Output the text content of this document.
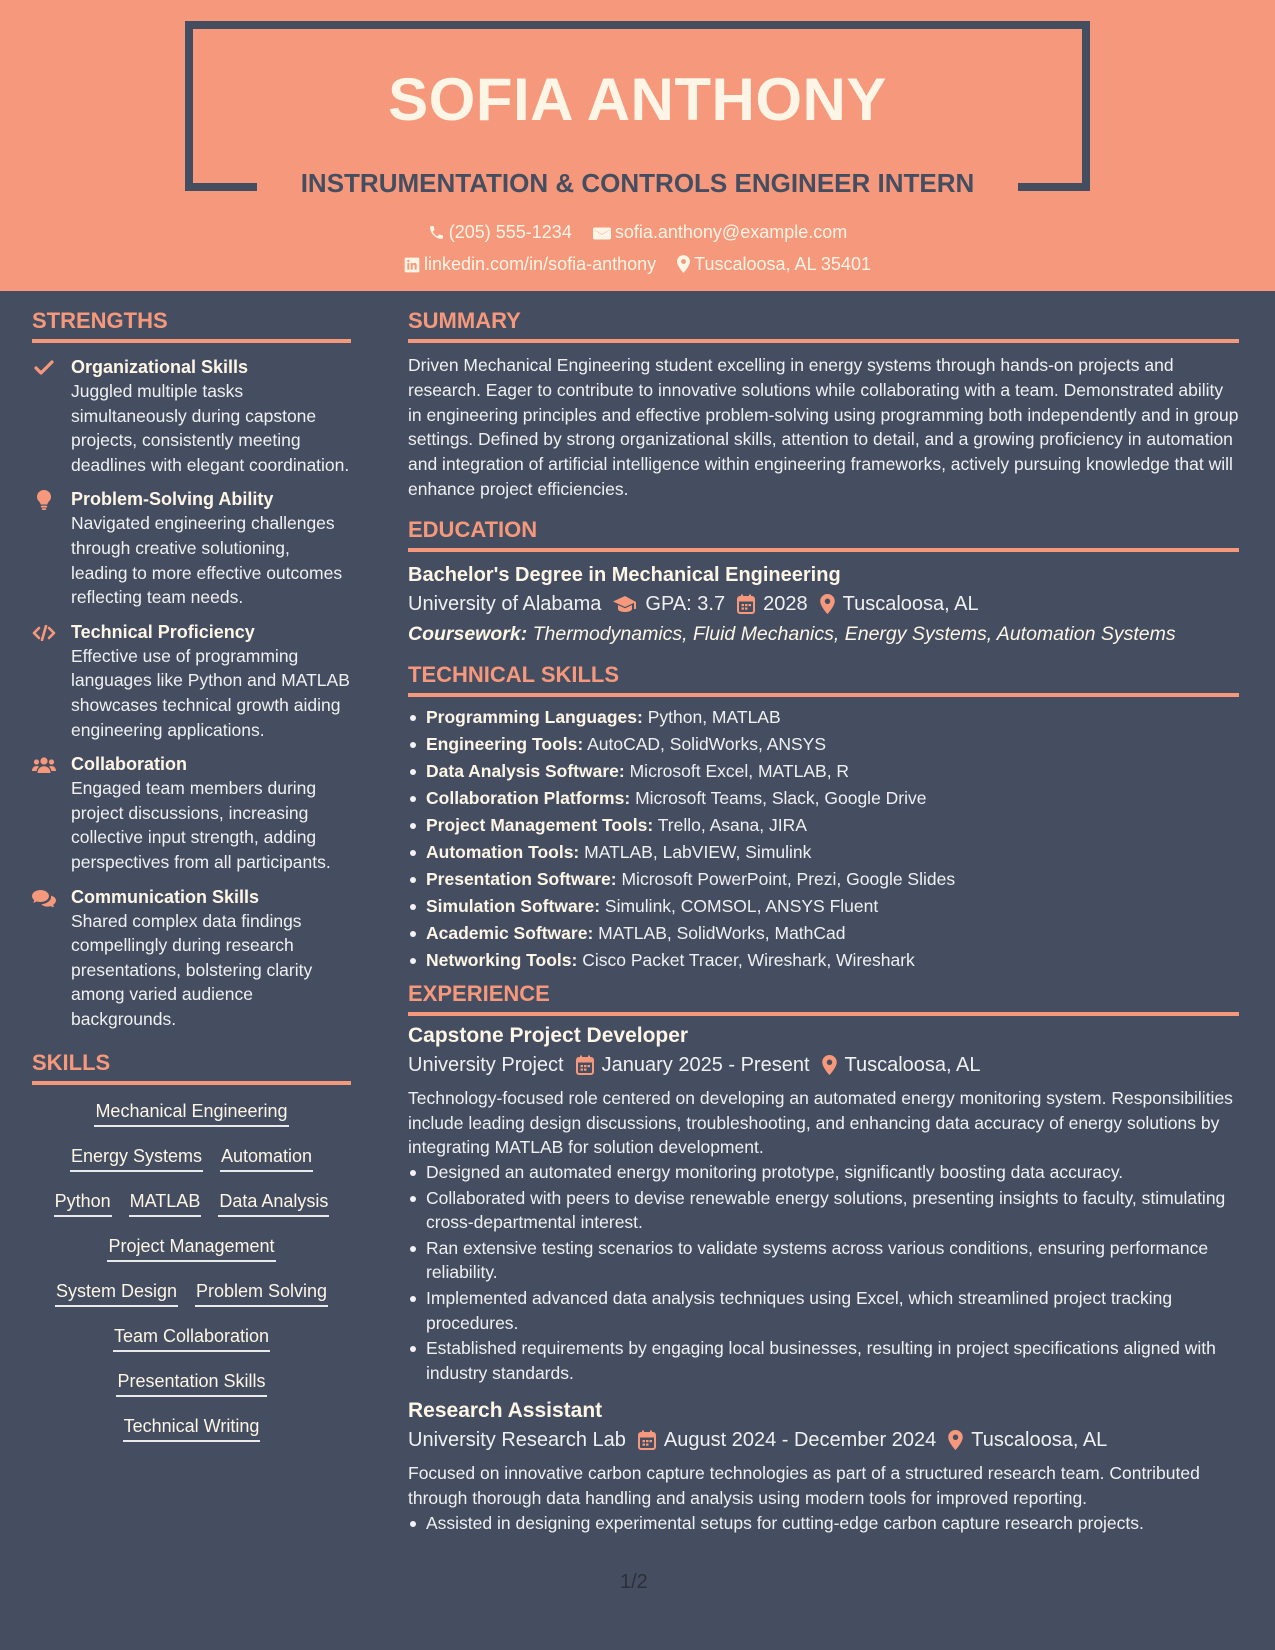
SOFIA ANTHONY
INSTRUMENTATION & CONTROLS ENGINEER INTERN
(205) 555-1234 sofia.anthony@example.com
linkedin.com/in/sofia-anthony Tuscaloosa, AL 35401
STRENGTHS
Organizational Skills
Juggled multiple tasks simultaneously during capstone projects, consistently meeting deadlines with elegant coordination.
Problem-Solving Ability
Navigated engineering challenges through creative solutioning, leading to more effective outcomes reflecting team needs.
Technical Proficiency
Effective use of programming languages like Python and MATLAB showcases technical growth aiding engineering applications.
Collaboration
Engaged team members during project discussions, increasing collective input strength, adding perspectives from all participants.
Communication Skills
Shared complex data findings compellingly during research presentations, bolstering clarity among varied audience backgrounds.
SKILLS
Mechanical Engineering
Energy Systems Automation
Python MATLAB Data Analysis
Project Management
System Design Problem Solving
Team Collaboration
Presentation Skills
Technical Writing
SUMMARY
Driven Mechanical Engineering student excelling in energy systems through hands-on projects and research. Eager to contribute to innovative solutions while collaborating with a team. Demonstrated ability in engineering principles and effective problem-solving using programming both independently and in group settings. Defined by strong organizational skills, attention to detail, and a growing proficiency in automation and integration of artificial intelligence within engineering frameworks, actively pursuing knowledge that will enhance project efficiencies.
EDUCATION
Bachelor's Degree in Mechanical Engineering
University of Alabama GPA: 3.7 2028 Tuscaloosa, AL
Coursework: Thermodynamics, Fluid Mechanics, Energy Systems, Automation Systems
TECHNICAL SKILLS
Programming Languages: Python, MATLAB
Engineering Tools: AutoCAD, SolidWorks, ANSYS
Data Analysis Software: Microsoft Excel, MATLAB, R
Collaboration Platforms: Microsoft Teams, Slack, Google Drive
Project Management Tools: Trello, Asana, JIRA
Automation Tools: MATLAB, LabVIEW, Simulink
Presentation Software: Microsoft PowerPoint, Prezi, Google Slides
Simulation Software: Simulink, COMSOL, ANSYS Fluent
Academic Software: MATLAB, SolidWorks, MathCad
Networking Tools: Cisco Packet Tracer, Wireshark, Wireshark
EXPERIENCE
Capstone Project Developer
University Project January 2025 - Present Tuscaloosa, AL
Technology-focused role centered on developing an automated energy monitoring system. Responsibilities include leading design discussions, troubleshooting, and enhancing data accuracy of energy solutions by integrating MATLAB for solution development.
Designed an automated energy monitoring prototype, significantly boosting data accuracy.
Collaborated with peers to devise renewable energy solutions, presenting insights to faculty, stimulating cross-departmental interest.
Ran extensive testing scenarios to validate systems across various conditions, ensuring performance reliability.
Implemented advanced data analysis techniques using Excel, which streamlined project tracking procedures.
Established requirements by engaging local businesses, resulting in project specifications aligned with industry standards.
Research Assistant
University Research Lab August 2024 - December 2024 Tuscaloosa, AL
Focused on innovative carbon capture technologies as part of a structured research team. Contributed through thorough data handling and analysis using modern tools for improved reporting.
Assisted in designing experimental setups for cutting-edge carbon capture research projects.
1/2
